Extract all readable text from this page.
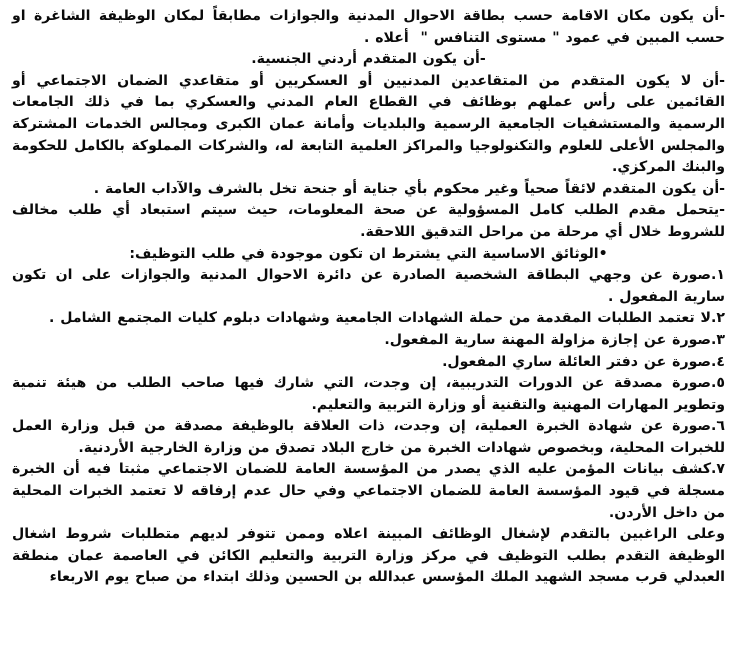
-أن يكون مكان الاقامة حسب بطاقة الاحوال المدنية والجوازات مطابقاً لمكان الوظيفة الشاغرة او حسب المبين في عمود " مستوى التنافس "  أعلاه .

-أن يكون المتقدم أردني الجنسية.

-أن لا يكون المتقدم من المتقاعدين المدنيين أو العسكريين أو متقاعدي الضمان الاجتماعي أو القائمين على رأس عملهم بوظائف في القطاع العام المدني والعسكري بما في ذلك الجامعات الرسمية والمستشفيات الجامعية الرسمية والبلديات وأمانة عمان الكبرى ومجالس الخدمات المشتركة والمجلس الأعلى للعلوم والتكنولوجيا والمراكز العلمية التابعة له، والشركات المملوكة بالكامل للحكومة والبنك المركزي.

-أن يكون المتقدم لائقاً صحياً وغير محكوم بأي جناية أو جنحة تخل بالشرف والآداب العامة .

-يتحمل مقدم الطلب كامل المسؤولية عن صحة المعلومات، حيث سيتم استبعاد أي طلب مخالف للشروط خلال أي مرحلة من مراحل التدقيق اللاحقة.

•الوثائق الاساسية التي يشترط ان تكون موجودة في طلب التوظيف:

١.صورة عن وجهي البطاقة الشخصية الصادرة عن دائرة الاحوال المدنية والجوازات على ان تكون سارية المفعول .

٢.لا تعتمد الطلبات المقدمة من حملة الشهادات الجامعية وشهادات دبلوم كليات المجتمع الشامل .

٣.صورة عن إجازة مزاولة المهنة سارية المفعول.

٤.صورة عن دفتر العائلة ساري المفعول.

٥.صورة مصدقة عن الدورات التدريبية، إن وجدت، التي شارك فيها صاحب الطلب من هيئة تنمية وتطوير المهارات المهنية والتقنية أو وزارة التربية والتعليم.

٦.صورة عن شهادة الخبرة العملية، إن وجدت، ذات العلاقة بالوظيفة مصدقة من قبل وزارة العمل للخبرات المحلية، وبخصوص شهادات الخبرة من خارج البلاد تصدق من وزارة الخارجية الأردنية.

٧.كشف بيانات المؤمن عليه الذي يصدر من المؤسسة العامة للضمان الاجتماعي مثبتا فيه أن الخبرة مسجلة في قيود المؤسسة العامة للضمان الاجتماعي وفي حال عدم إرفاقه لا تعتمد الخبرات المحلية من داخل الأردن.

وعلى الراغبين بالتقدم لإشغال الوظائف المبينة اعلاه وممن تتوفر لديهم متطلبات شروط اشغال الوظيفة التقدم بطلب التوظيف في مركز وزارة التربية والتعليم الكائن في العاصمة عمان منطقة العبدلي قرب مسجد الشهيد الملك المؤسس عبدالله بن الحسين وذلك ابتداء من صباح يوم الاربعاء
